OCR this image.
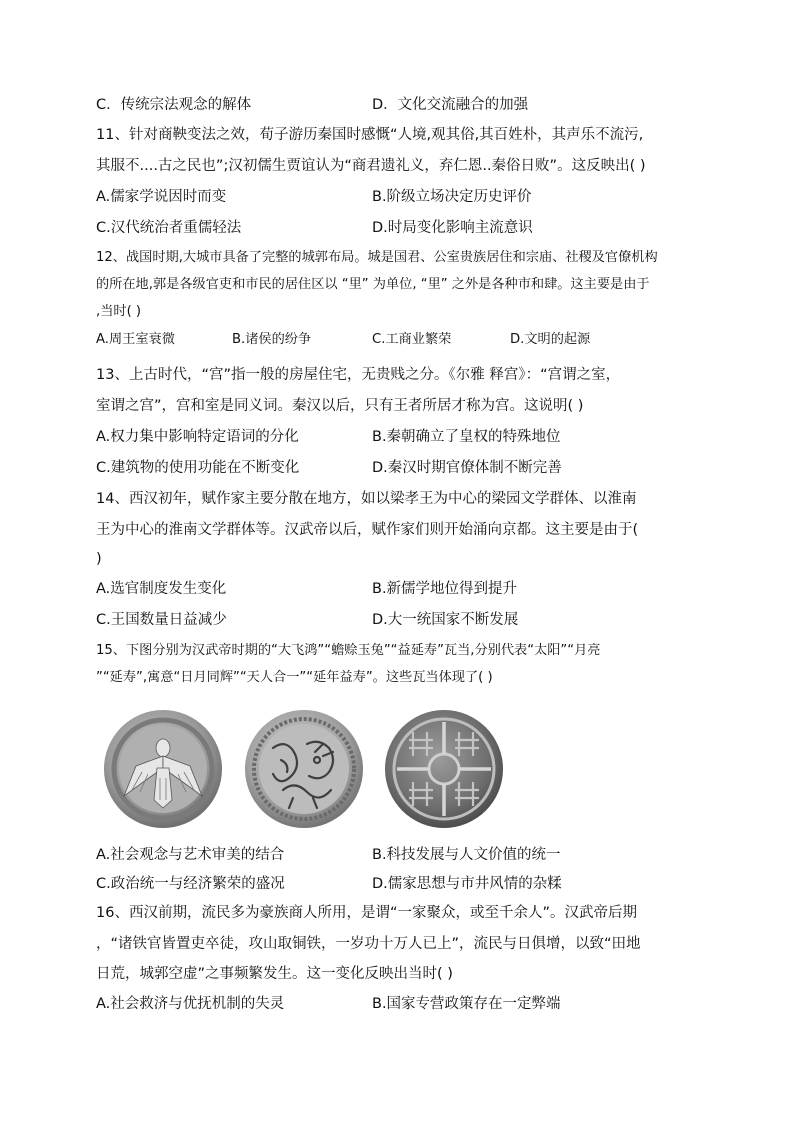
C．传统宗法观念的解体	D．文化交流融合的加强
11、针对商鞅变法之效，荀子游历秦国时感慨“人境,观其俗,其百姓朴，其声乐不流污,
其服不....古之民也”;汉初儒生贾谊认为“商君遗礼义，弃仁恩..秦俗日败”。这反映出( )
A.儒家学说因时而变	B.阶级立场决定历史评价
C.汉代统治者重儒轻法	D.时局变化影响主流意识
12、战国时期,大城市具备了完整的城郭布局。城是国君、公室贵族居住和宗庙、社稷及官僚机构
的所在地,郭是各级官吏和市民的居住区以 “里” 为单位, “里” 之外是各种市和肆。这主要是由于
,当时( )
A.周王室衰微	B.诸侯的纷争	C.工商业繁荣	D.文明的起源
13、上古时代，“宫”指一般的房屋住宅，无贵贱之分。《尔雅 释宫》：“宫谓之室，
室谓之宫”，宫和室是同义词。秦汉以后，只有王者所居才称为宫。这说明( )
A.权力集中影响特定语词的分化	B.秦朝确立了皇权的特殊地位
C.建筑物的使用功能在不断变化	D.秦汉时期官僚体制不断完善
14、西汉初年，赋作家主要分散在地方，如以梁孝王为中心的梁园文学群体、以淮南
王为中心的淮南文学群体等。汉武帝以后，赋作家们则开始涌向京都。这主要是由于(
)
A.选官制度发生变化	B.新儒学地位得到提升
C.王国数量日益减少	D.大一统国家不断发展
15、下图分别为汉武帝时期的“大飞鸿”“蟾赊玉兔”“益延寿”瓦当,分别代表“太阳”“月亮
”“延寿”,寓意“日月同辉”“天人合一”“延年益寿”。这些瓦当体现了( )
A.社会观念与艺术审美的结合	B.科技发展与人文价值的统一
C.政治统一与经济繁荣的盛况	D.儒家思想与市井风情的杂糅
16、西汉前期，流民多为豪族商人所用，是谓“一家聚众，或至千余人”。汉武帝后期
，“诸铁官皆置吏卒徒，攻山取铜铁，一岁功十万人已上”，流民与日俱增，以致“田地
日荒，城郭空虚”之事频繁发生。这一变化反映出当时( )
A.社会救济与优抚机制的失灵	B.国家专营政策存在一定弊端
